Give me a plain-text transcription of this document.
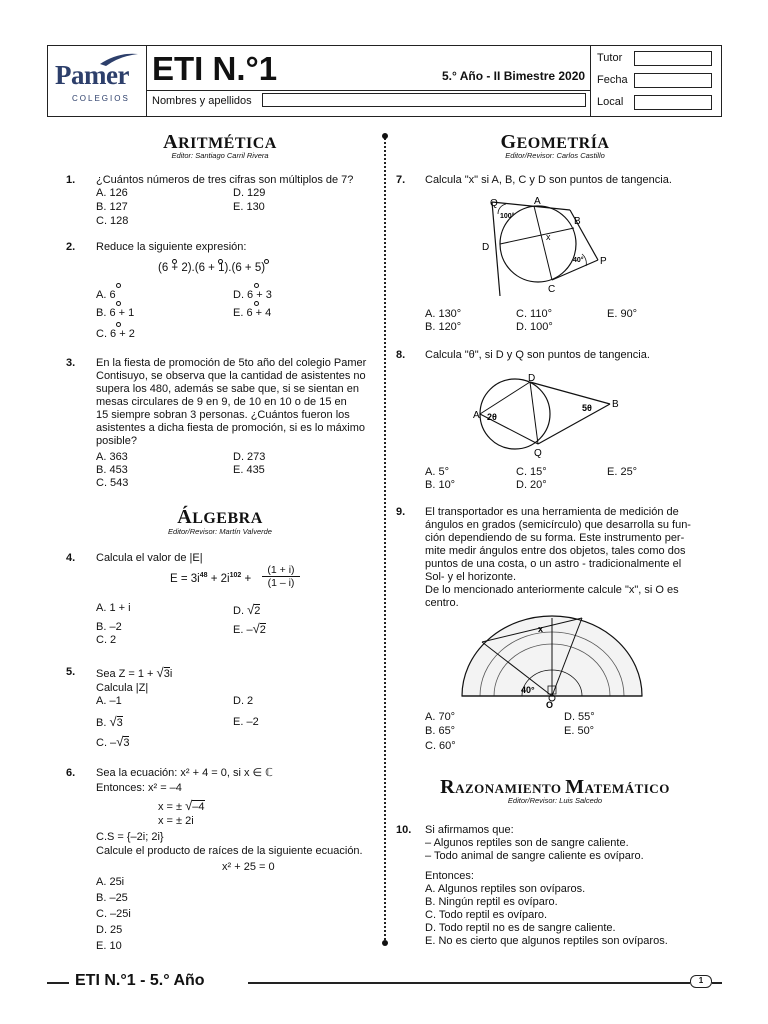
Pamer
COLEGIOS
ETI N.°1	5.° Año - II Bimestre 2020
Nombres y apellidos
Tutor
Fecha
Local
ARITMÉTICA
Editor: Santiago Carril Rivera
1. ¿Cuántos números de tres cifras son múltiplos de 7?
A. 126
B. 127
C. 128
D. 129
E. 130
2. Reduce la siguiente expresión:
(6 + 2).(6 + 1).(6 + 5)
A. 6
B. 6 + 1
C. 6 + 2
D. 6 + 3
E. 6 + 4
3. En la fiesta de promoción de 5to año del colegio Pamer
Contisuyo, se observa que la cantidad de asistentes no
supera los 480, además se sabe que, si se sientan en
mesas circulares de 9 en 9, de 10 en 10 o de 15 en
15 siempre sobran 3 personas. ¿Cuántos fueron los
asistentes a dicha fiesta de promoción, si es lo máximo
posible?
A. 363
B. 453
C. 543
D. 273
E. 435
ÁLGEBRA
Editor/Revisor: Martín Valverde
4. Calcula el valor de |E|
$E = 3i^{48} + 2i^{102}$ +
(1 + i)
(1 – i)
A. 1 + i
B. –2
C. 2
D. √2
E. –√2
5. Sea Z = 1 + √3i
Calcula |Z|
A. –1
B. √3
C. –√3
D. 2
E. –2
6. Sea la ecuación: x² + 4 = 0, si x ∈ ℂ
Entonces: x² = –4
x = ± √–4
x = ± 2i
C.S = {–2i; 2i}
Calcule el producto de raíces de la siguiente ecuación.
x² + 25 = 0
A. 25i
B. –25
C. –25i
D. 25
E. 10
GEOMETRÍA
Editor/Revisor: Carlos Castillo
7. Calcula "x" si A, B, C y D son puntos de tangencia.
Q	A
B
D
x
P
C
100°
40°
A. 130°
B. 120°
C. 110°
D. 100°
E. 90°
8. Calcula "θ", si D y Q son puntos de tangencia.
D
A 2θ
5θ B
Q
A. 5°
B. 10°
C. 15°
D. 20°
E. 25°
9. El transportador es una herramienta de medición de
ángulos en grados (semicírculo) que desarrolla su fun-
ción dependiendo de su forma. Este instrumento per-
mite medir ángulos entre dos objetos, tales como dos
puntos de una costa, o un astro - tradicionalmente el
Sol- y el horizonte.
De lo mencionado anteriormente calcule "x", si O es
centro.
x
40°
O
A. 70°
B. 65°
C. 60°
D. 55°
E. 50°
RAZONAMIENTO MATEMÁTICO
Editor/Revisor: Luis Salcedo
10. Si afirmamos que:
– Algunos reptiles son de sangre caliente.
– Todo animal de sangre caliente es ovíparo.
Entonces:
A. Algunos reptiles son ovíparos.
B. Ningún reptil es ovíparo.
C. Todo reptil es ovíparo.
D. Todo reptil no es de sangre caliente.
E. No es cierto que algunos reptiles son ovíparos.
ETI N.°1 - 5.° Año	1
